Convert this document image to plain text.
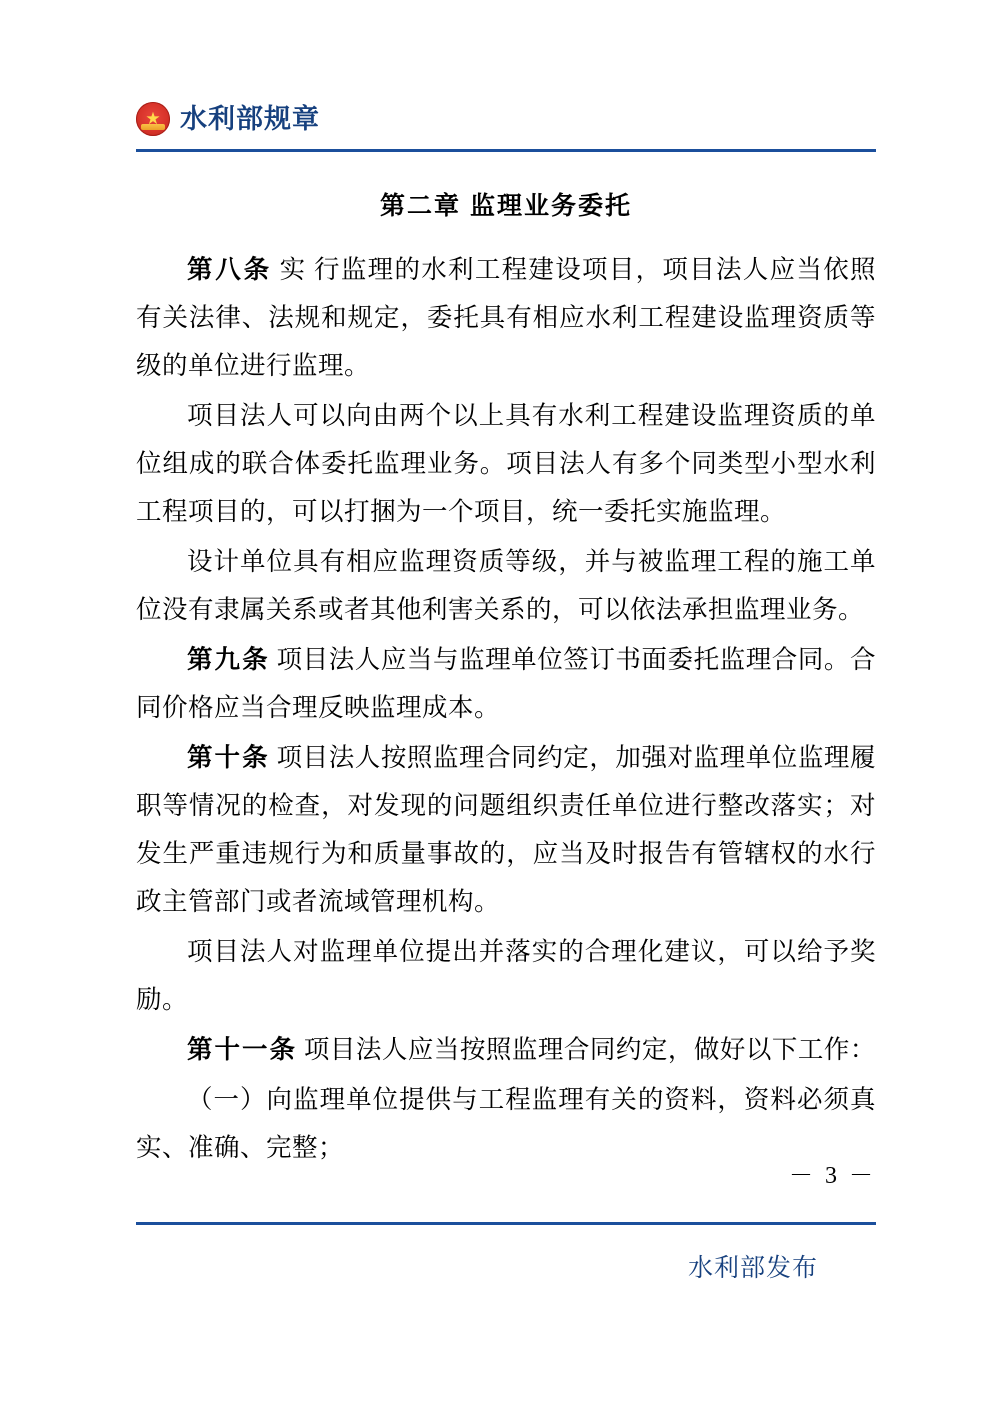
★
水利部规章
第二章 监理业务委托

第八条 实 行监理的水利工程建设项目，项目法人应当依照有关法律、法规和规定，委托具有相应水利工程建设监理资质等级的单位进行监理。

项目法人可以向由两个以上具有水利工程建设监理资质的单位组成的联合体委托监理业务。项目法人有多个同类型小型水利工程项目的，可以打捆为一个项目，统一委托实施监理。

设计单位具有相应监理资质等级，并与被监理工程的施工单位没有隶属关系或者其他利害关系的，可以依法承担监理业务。

第九条 项目法人应当与监理单位签订书面委托监理合同。合同价格应当合理反映监理成本。

第十条 项目法人按照监理合同约定，加强对监理单位监理履职等情况的检查，对发现的问题组织责任单位进行整改落实；对发生严重违规行为和质量事故的，应当及时报告有管辖权的水行政主管部门或者流域管理机构。

项目法人对监理单位提出并落实的合理化建议，可以给予奖励。

第十一条 项目法人应当按照监理合同约定，做好以下工作：

（一）向监理单位提供与工程监理有关的资料，资料必须真实、准确、完整；

－ 3 －
水利部发布
